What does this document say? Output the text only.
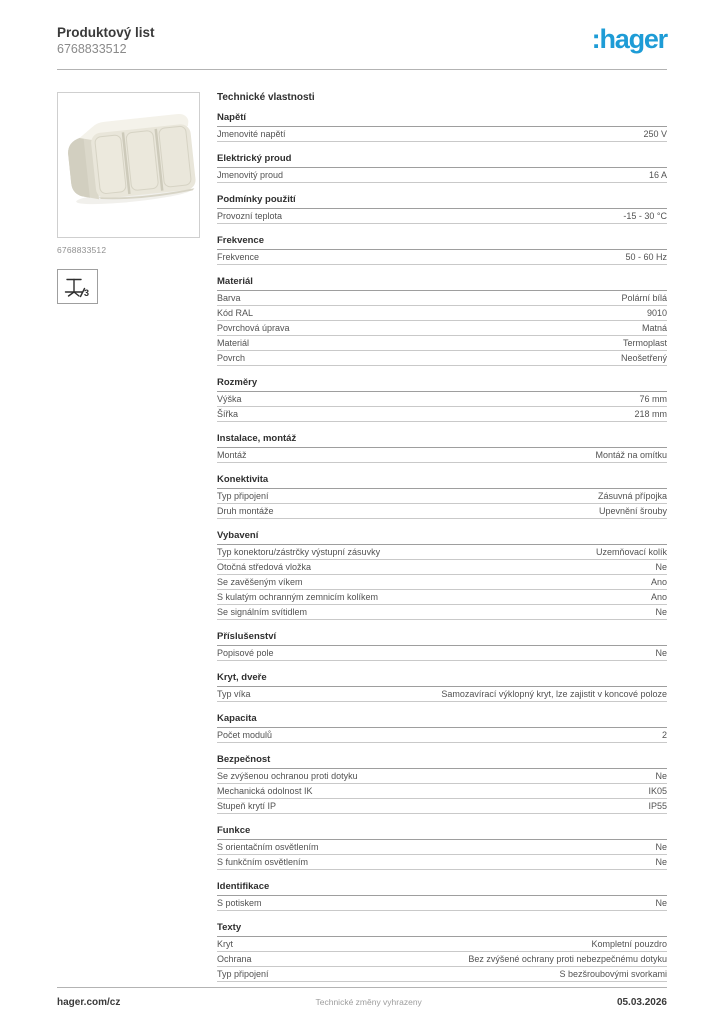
Produktový list
6768833512	:hager
6768833512
3
Technické vlastnosti
Napětí
Jmenovité napětí	250 V
Elektrický proud
Jmenovitý proud	16 A
Podmínky použití
Provozní teplota	-15 - 30 °C
Frekvence
Frekvence	50 - 60 Hz
Materiál
Barva	Polární bílá
Kód RAL	9010
Povrchová úprava	Matná
Materiál	Termoplast
Povrch	Neošetřený
Rozměry
Výška	76 mm
Šířka	218 mm
Instalace, montáž
Montáž	Montáž na omítku
Konektivita
Typ připojení	Zásuvná přípojka
Druh montáže	Upevnění šrouby
Vybavení
Typ konektoru/zástrčky výstupní zásuvky	Uzemňovací kolík
Otočná středová vložka	Ne
Se zavěšeným víkem	Ano
S kulatým ochranným zemnicím kolíkem	Ano
Se signálním svítidlem	Ne
Příslušenství
Popisové pole	Ne
Kryt, dveře
Typ víka	Samozavírací výklopný kryt, lze zajistit v koncové poloze
Kapacita
Počet modulů	2
Bezpečnost
Se zvýšenou ochranou proti dotyku	Ne
Mechanická odolnost IK	IK05
Stupeň krytí IP	IP55
Funkce
S orientačním osvětlením	Ne
S funkčním osvětlením	Ne
Identifikace
S potiskem	Ne
Texty
Kryt	Kompletní pouzdro
Ochrana	Bez zvýšené ochrany proti nebezpečnému dotyku
Typ připojení	S bezšroubovými svorkami
hager.com/cz	Technické změny vyhrazeny	05.03.2026
